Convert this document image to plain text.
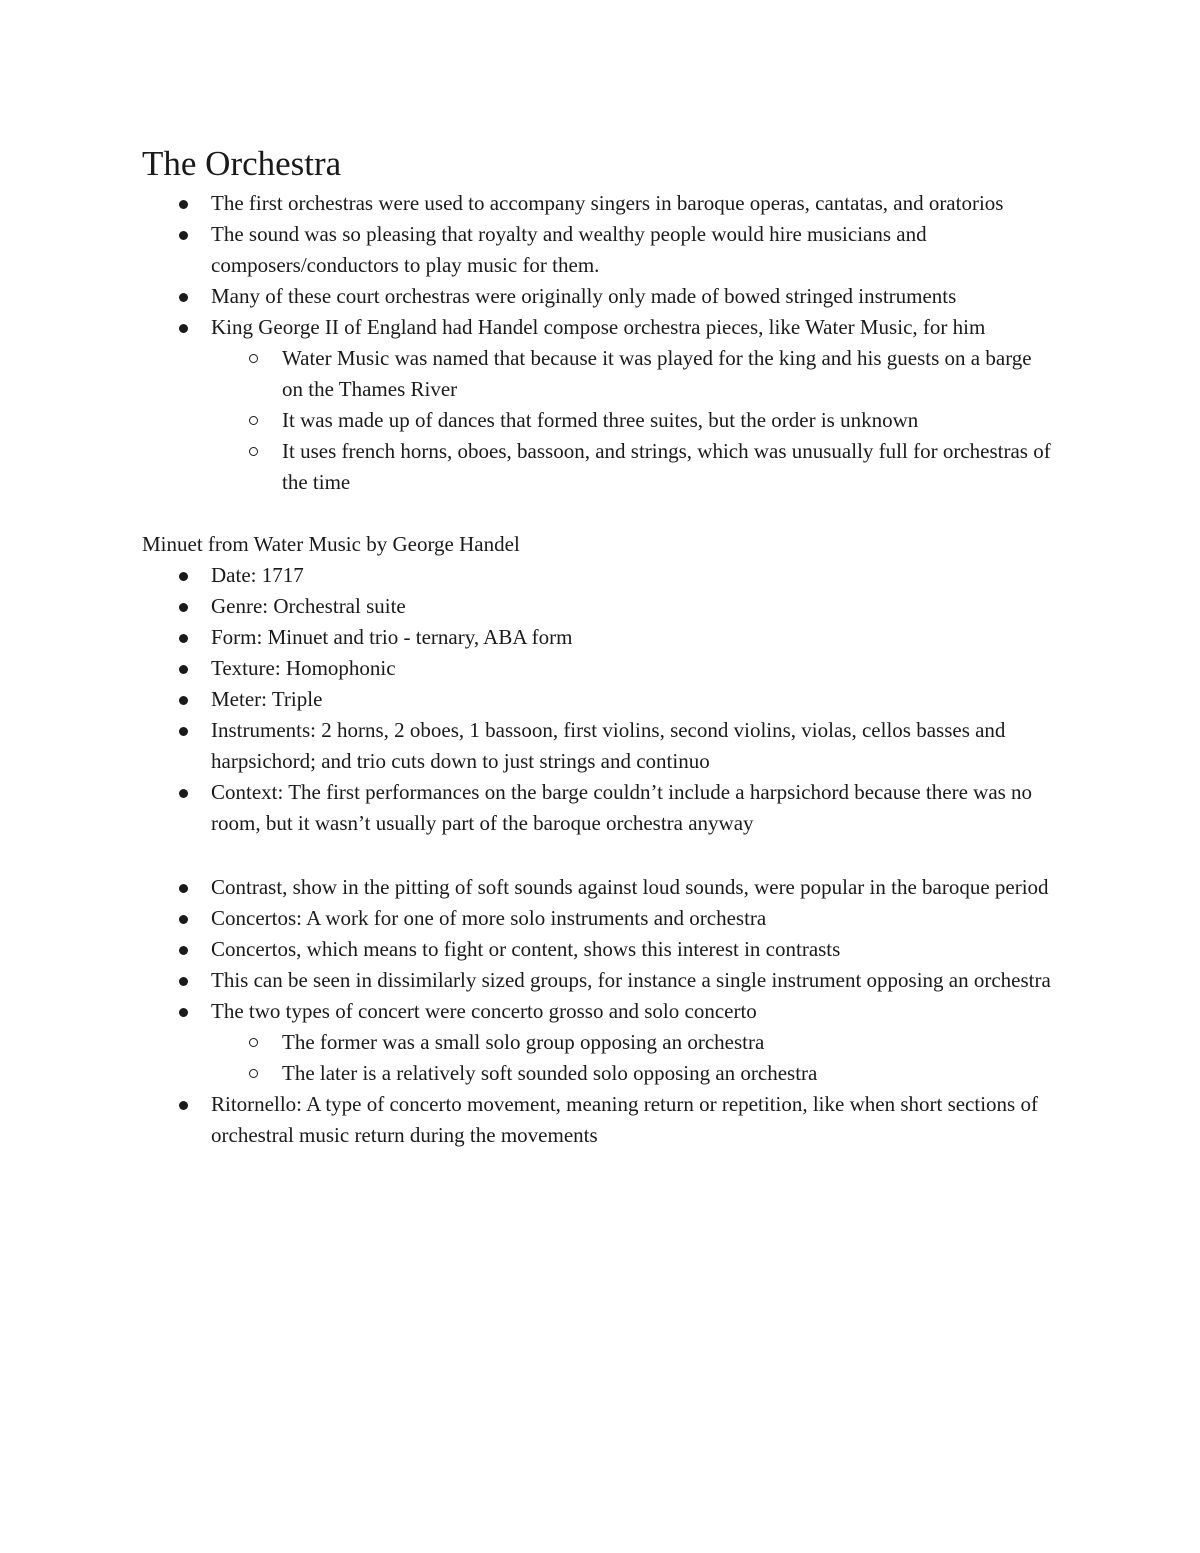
The Orchestra
The first orchestras were used to accompany singers in baroque operas, cantatas, and oratorios
The sound was so pleasing that royalty and wealthy people would hire musicians and composers/conductors to play music for them.
Many of these court orchestras were originally only made of bowed stringed instruments
King George II of England had Handel compose orchestra pieces, like Water Music, for him
Water Music was named that because it was played for the king and his guests on a barge on the Thames River
It was made up of dances that formed three suites, but the order is unknown
It uses french horns, oboes, bassoon, and strings, which was unusually full for orchestras of the time

Minuet from Water Music by George Handel

Date: 1717
Genre: Orchestral suite
Form: Minuet and trio - ternary, ABA form
Texture: Homophonic
Meter: Triple
Instruments: 2 horns, 2 oboes, 1 bassoon, first violins, second violins, violas, cellos basses and harpsichord; and trio cuts down to just strings and continuo
Context: The first performances on the barge couldn’t include a harpsichord because there was no room, but it wasn’t usually part of the baroque orchestra anyway
Contrast, show in the pitting of soft sounds against loud sounds, were popular in the baroque period
Concertos: A work for one of more solo instruments and orchestra
Concertos, which means to fight or content, shows this interest in contrasts
This can be seen in dissimilarly sized groups, for instance a single instrument opposing an orchestra
The two types of concert were concerto grosso and solo concerto
The former was a small solo group opposing an orchestra
The later is a relatively soft sounded solo opposing an orchestra
Ritornello: A type of concerto movement, meaning return or repetition, like when short sections of orchestral music return during the movements
